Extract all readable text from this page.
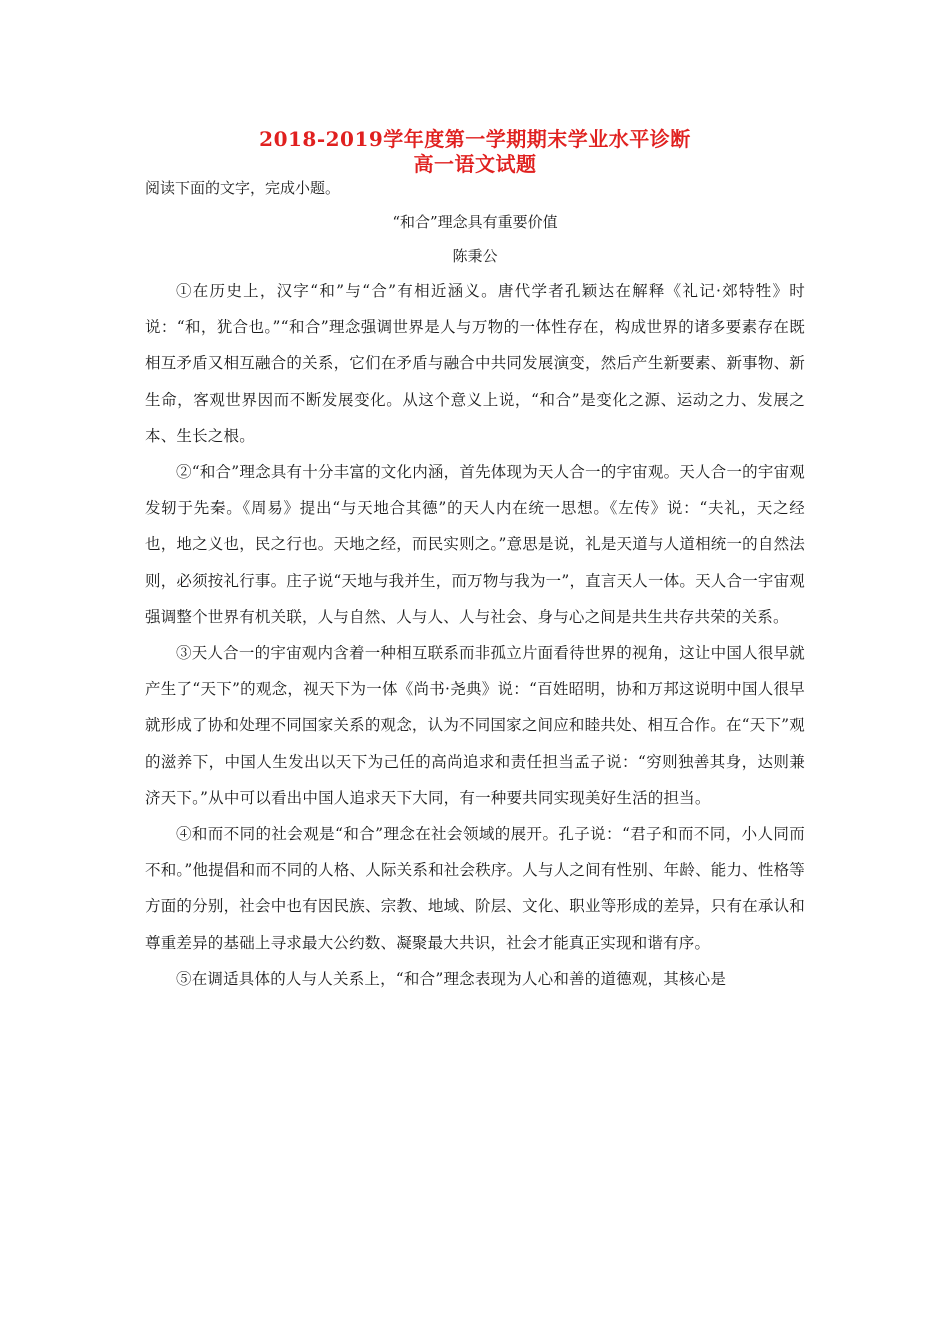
2018-2019学年度第一学期期末学业水平诊断
高一语文试题
阅读下面的文字，完成小题。
“和合”理念具有重要价值
陈秉公

①在历史上，汉字“和”与“合”有相近涵义。唐代学者孔颖达在解释《礼记·郊特牲》时说：“和，犹合也。”“和合”理念强调世界是人与万物的一体性存在，构成世界的诸多要素存在既相互矛盾又相互融合的关系，它们在矛盾与融合中共同发展演变，然后产生新要素、新事物、新生命，客观世界因而不断发展变化。从这个意义上说，“和合”是变化之源、运动之力、发展之本、生长之根。

②“和合”理念具有十分丰富的文化内涵，首先体现为天人合一的宇宙观。天人合一的宇宙观发轫于先秦。《周易》提出“与天地合其德”的天人内在统一思想。《左传》说：“夫礼，天之经也，地之义也，民之行也。天地之经，而民实则之。”意思是说，礼是天道与人道相统一的自然法则，必须按礼行事。庄子说“天地与我并生，而万物与我为一”，直言天人一体。天人合一宇宙观强调整个世界有机关联，人与自然、人与人、人与社会、身与心之间是共生共存共荣的关系。

③天人合一的宇宙观内含着一种相互联系而非孤立片面看待世界的视角，这让中国人很早就产生了“天下”的观念，视天下为一体《尚书·尧典》说：“百姓昭明，协和万邦这说明中国人很早就形成了协和处理不同国家关系的观念，认为不同国家之间应和睦共处、相互合作。在“天下”观的滋养下，中国人生发出以天下为己任的高尚追求和责任担当孟子说：“穷则独善其身，达则兼济天下。”从中可以看出中国人追求天下大同，有一种要共同实现美好生活的担当。

④和而不同的社会观是“和合”理念在社会领域的展开。孔子说：“君子和而不同，小人同而不和。”他提倡和而不同的人格、人际关系和社会秩序。人与人之间有性别、年龄、能力、性格等方面的分别，社会中也有因民族、宗教、地域、阶层、文化、职业等形成的差异，只有在承认和尊重差异的基础上寻求最大公约数、凝聚最大共识，社会才能真正实现和谐有序。

⑤在调适具体的人与人关系上，“和合”理念表现为人心和善的道德观，其核心是
